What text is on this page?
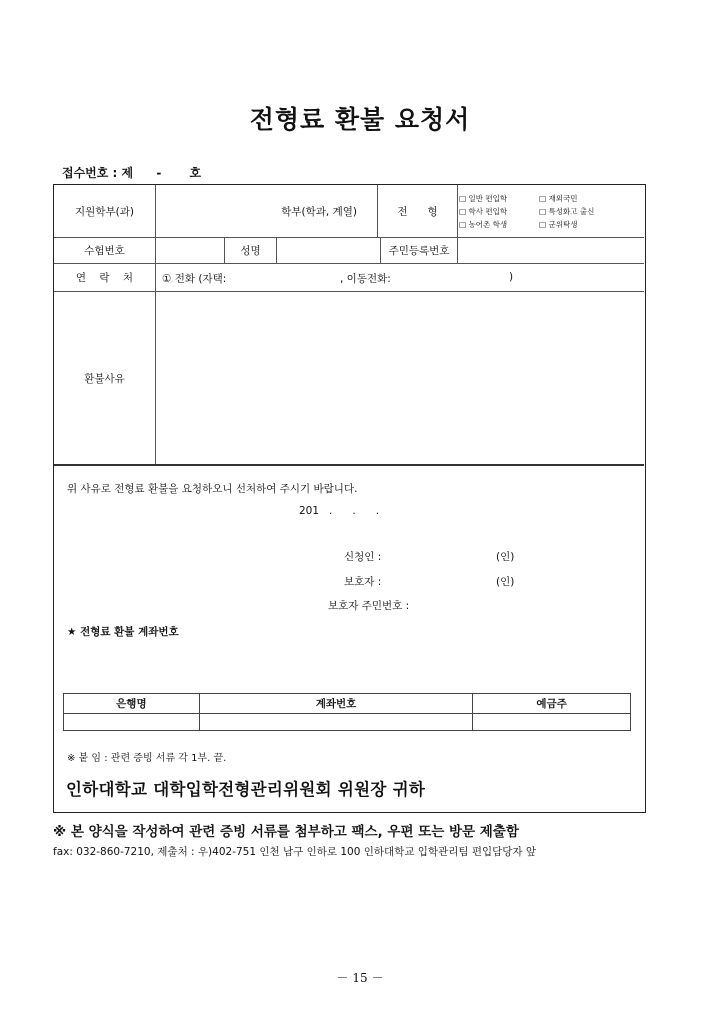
전형료 환불 요청서
접수번호 : 제 - 호
지원학부(과)	학부(학과, 계열)	전      형
□ 일반 편입학	□ 재외국민
□ 학사 편입학	□ 특성화고 출신
□ 농어촌 학생	□ 군위탁생
수험번호	성명	주민등록번호
연    락    처	① 전화 (자택:	, 이동전화:	)
환불사유
위 사유로 전형료 환불을 요청하오니 선처하여 주시기 바랍니다.
201   .      .      .
신청인 :	(인)
보호자 :	(인)
보호자 주민번호 :
★ 전형료 환불 계좌번호
※ 붙 임 : 관련 증빙 서류 각 1부. 끝.
은행명	계좌번호	예금주

인하대학교 대학입학전형관리위원회 위원장 귀하
※ 본 양식을 작성하여 관련 증빙 서류를 첨부하고 팩스, 우편 또는 방문 제출함
fax: 032-860-7210, 제출처 : 우)402-751 인천 남구 인하로 100 인하대학교 입학관리팀 편입담당자 앞
－ 15 －
